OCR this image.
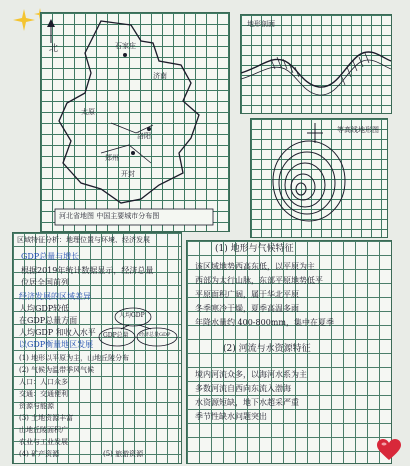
北	石家庄
郑州
洛阳
开封
济南
太原
河北省地图 中国主要城市分布图
地形剖面
等高线地形图
区域特征分析：地理位置与环境、经济发展
GDP总量与增长
根据2019年统计数据显示，经济总量
位居全国前列
经济发展的区域差异
人均GDP较低
在GDP总量方面
人均GDP 和收入水平
以GDP衡量地区发展
(1) 地形以平原为主，山地丘陵分布
(2) 气候为温带季风气候
人口：人口众多
交通：交通便利
资源与能源
(3) 土地资源丰富
山地丘陵面积广
农业与工业发展
(4) 矿产资源	(5) 旅游资源
人均GDP
GDP总量 经济总量GDP
(1) 地形与气候特征
该区域地势西高东低，以平原为主
西部为太行山脉，东部平原地势低平
平原面积广阔，属于华北平原
冬季寒冷干燥，夏季高温多雨
年降水量约 400-800mm，集中在夏季
(2) 河流与水资源特征
境内河流众多，以海河水系为主
多数河流自西向东流入渤海
水资源短缺，地下水超采严重
季节性缺水问题突出
